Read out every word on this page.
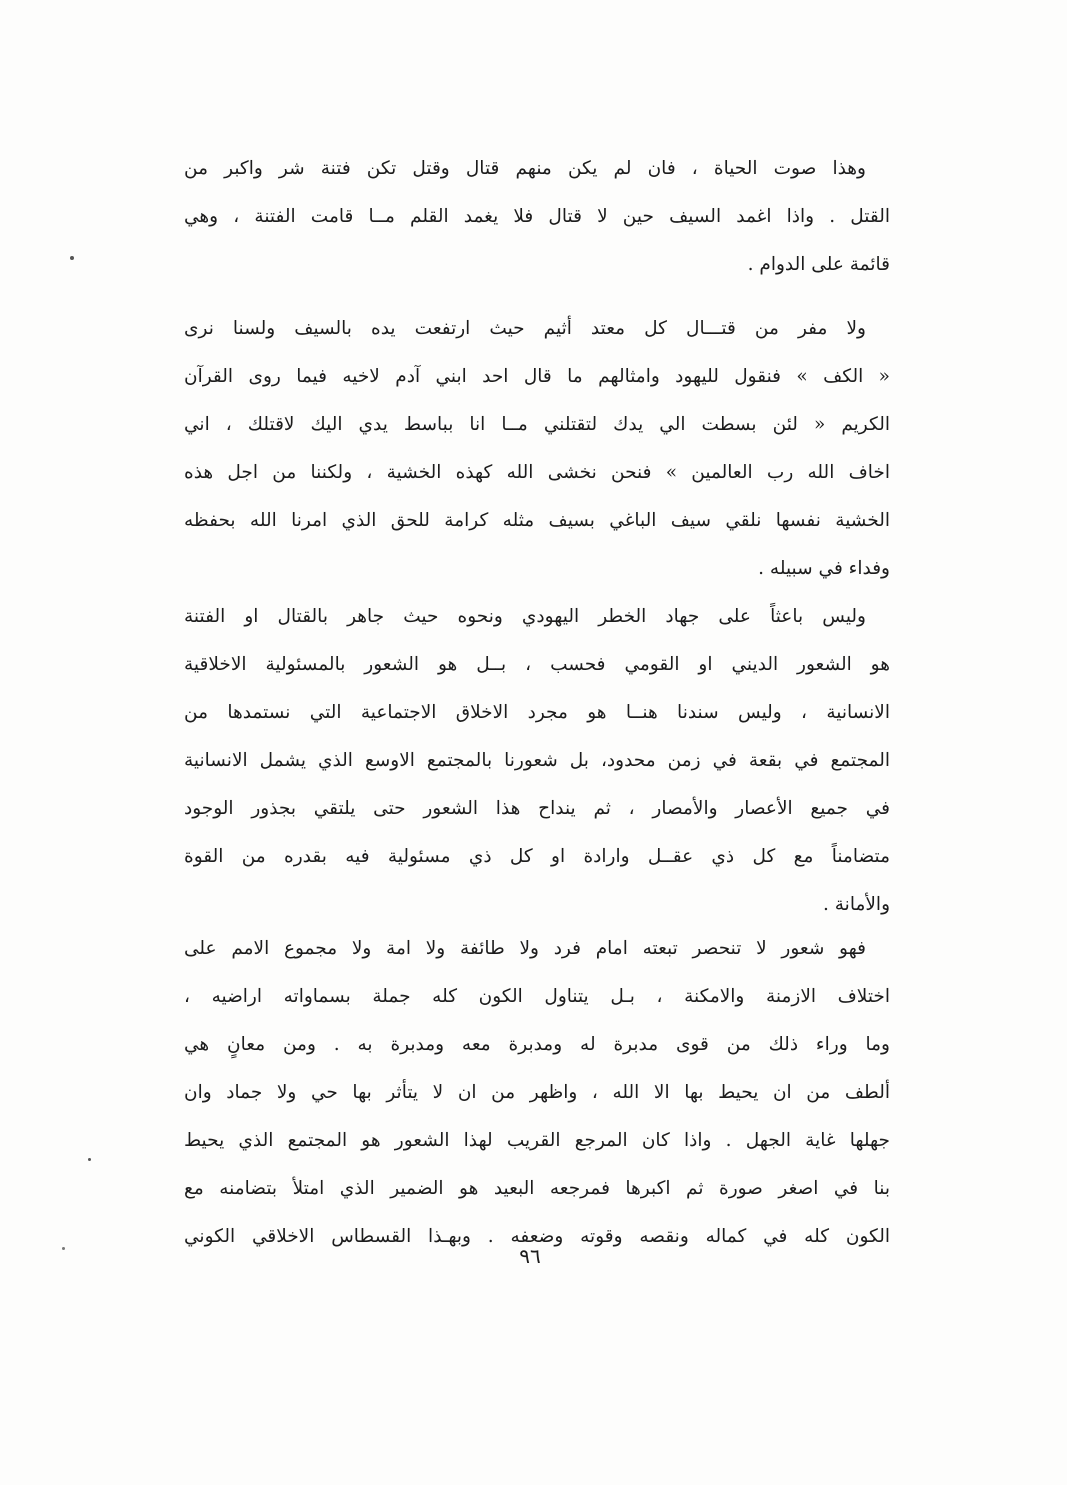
وهذا صوت الحياة ، فان لم يكن منهم قتال وقتل تكن فتنة شر واكبر من
القتل . واذا اغمد السيف حين لا قتال فلا يغمد القلم مــا قامت الفتنة ، وهي
قائمة على الدوام .
ولا مفر من قتـــال كل معتد أثيم حيث ارتفعت يده بالسيف ولسنا نرى
« الكف » فنقول لليهود وامثالهم ما قال احد ابني آدم لاخيه فيما روى القرآن
الكريم « لئن بسطت الي يدك لتقتلني مــا انا بباسط يدي اليك لاقتلك ، اني
اخاف الله رب العالمين » فنحن نخشى الله كهذه الخشية ، ولكننا من اجل هذه
الخشية نفسها نلقي سيف الباغي بسيف مثله كرامة للحق الذي امرنا الله بحفظه
وفداء في سبيله .
وليس باعثاً على جهاد الخطر اليهودي ونحوه حيث جاهر بالقتال او الفتنة
هو الشعور الديني او القومي فحسب ، بــل هو الشعور بالمسئولية الاخلاقية
الانسانية ، وليس سندنا هنــا هو مجرد الاخلاق الاجتماعية التي نستمدها من
المجتمع في بقعة في زمن محدود، بل شعورنا بالمجتمع الاوسع الذي يشمل الانسانية
في جميع الأعصار والأمصار ، ثم ينداح هذا الشعور حتى يلتقي بجذور الوجود
متضامناً مع كل ذي عقــل وارادة او كل ذي مسئولية فيه بقدره من القوة
والأمانة .
فهو شعور لا تنحصر تبعته امام فرد ولا طائفة ولا امة ولا مجموع الامم على
اختلاف الازمنة والامكنة ، بـل يتناول الكون كله جملة بسماواته اراضيه ،
وما وراء ذلك من قوى مدبرة له ومدبرة معه ومدبرة به . ومن معانٍ هي
ألطف من ان يحيط بها الا الله ، واظهر من ان لا يتأثر بها حي ولا جماد وان
جهلها غاية الجهل . واذا كان المرجع القريب لهذا الشعور هو المجتمع الذي يحيط
بنا في اصغر صورة ثم اكبرها فمرجعه البعيد هو الضمير الذي امتلأ بتضامنه مع
الكون كله في كماله ونقصه وقوته وضعفه . وبهـذا القسطاس الاخلاقي الكوني
٩٦
